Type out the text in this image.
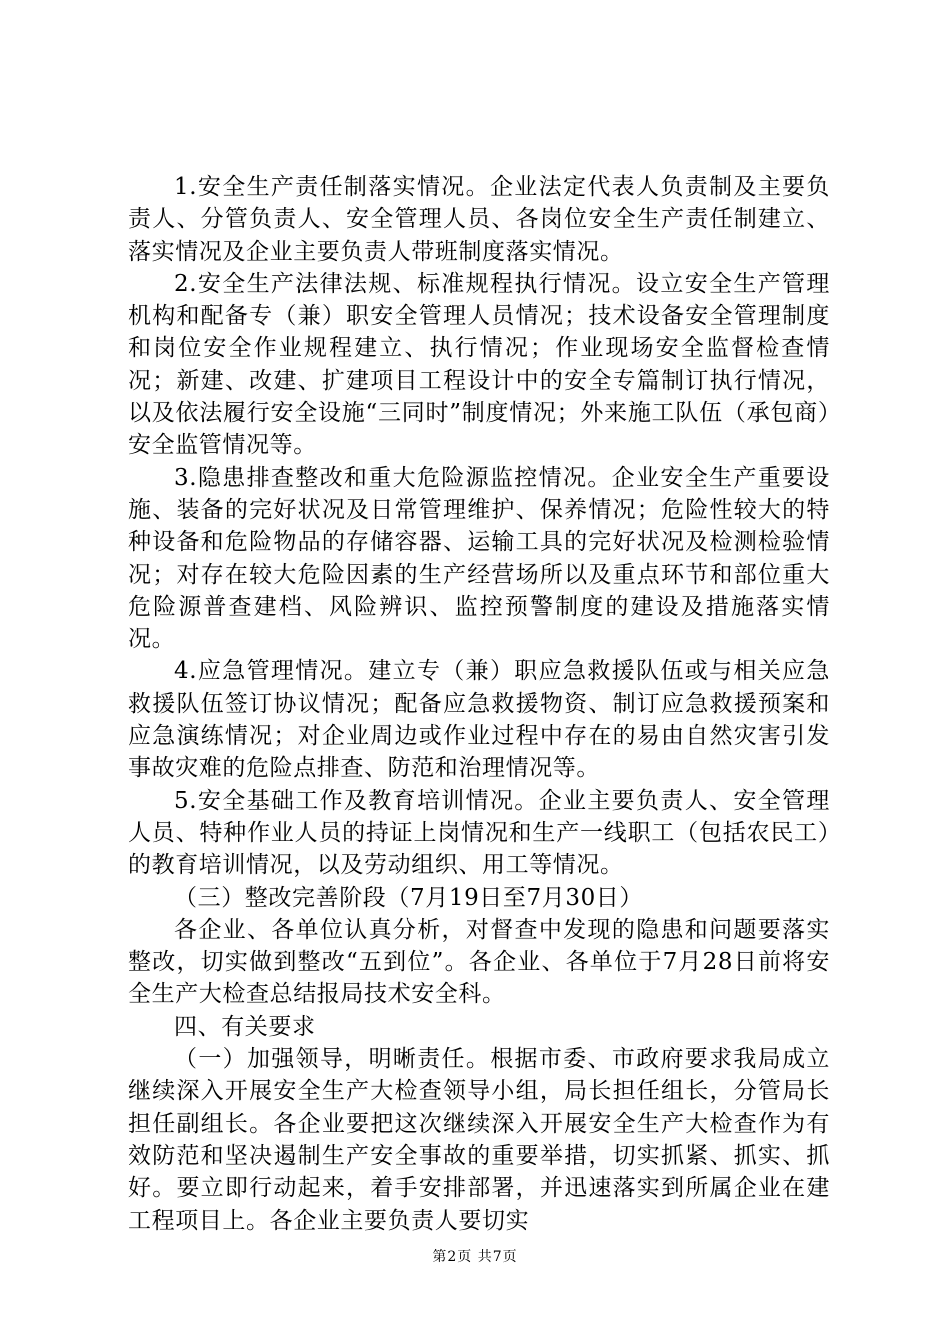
1.安全生产责任制落实情况。企业法定代表人负责制及主要负责人、分管负责人、安全管理人员、各岗位安全生产责任制建立、落实情况及企业主要负责人带班制度落实情况。

2.安全生产法律法规、标准规程执行情况。设立安全生产管理机构和配备专（兼）职安全管理人员情况；技术设备安全管理制度和岗位安全作业规程建立、执行情况；作业现场安全监督检查情况；新建、改建、扩建项目工程设计中的安全专篇制订执行情况，以及依法履行安全设施“三同时”制度情况；外来施工队伍（承包商）安全监管情况等。

3.隐患排查整改和重大危险源监控情况。企业安全生产重要设施、装备的完好状况及日常管理维护、保养情况；危险性较大的特种设备和危险物品的存储容器、运输工具的完好状况及检测检验情况；对存在较大危险因素的生产经营场所以及重点环节和部位重大危险源普查建档、风险辨识、监控预警制度的建设及措施落实情况。

4.应急管理情况。建立专（兼）职应急救援队伍或与相关应急救援队伍签订协议情况；配备应急救援物资、制订应急救援预案和应急演练情况；对企业周边或作业过程中存在的易由自然灾害引发事故灾难的危险点排查、防范和治理情况等。

5.安全基础工作及教育培训情况。企业主要负责人、安全管理人员、特种作业人员的持证上岗情况和生产一线职工（包括农民工）的教育培训情况，以及劳动组织、用工等情况。

（三）整改完善阶段（7月19日至7月30日）

各企业、各单位认真分析，对督查中发现的隐患和问题要落实整改，切实做到整改“五到位”。各企业、各单位于7月28日前将安全生产大检查总结报局技术安全科。

四、有关要求

（一）加强领导，明晰责任。根据市委、市政府要求我局成立继续深入开展安全生产大检查领导小组，局长担任组长，分管局长担任副组长。各企业要把这次继续深入开展安全生产大检查作为有效防范和坚决遏制生产安全事故的重要举措，切实抓紧、抓实、抓好。要立即行动起来，着手安排部署，并迅速落实到所属企业在建工程项目上。各企业主要负责人要切实

第2页 共7页
